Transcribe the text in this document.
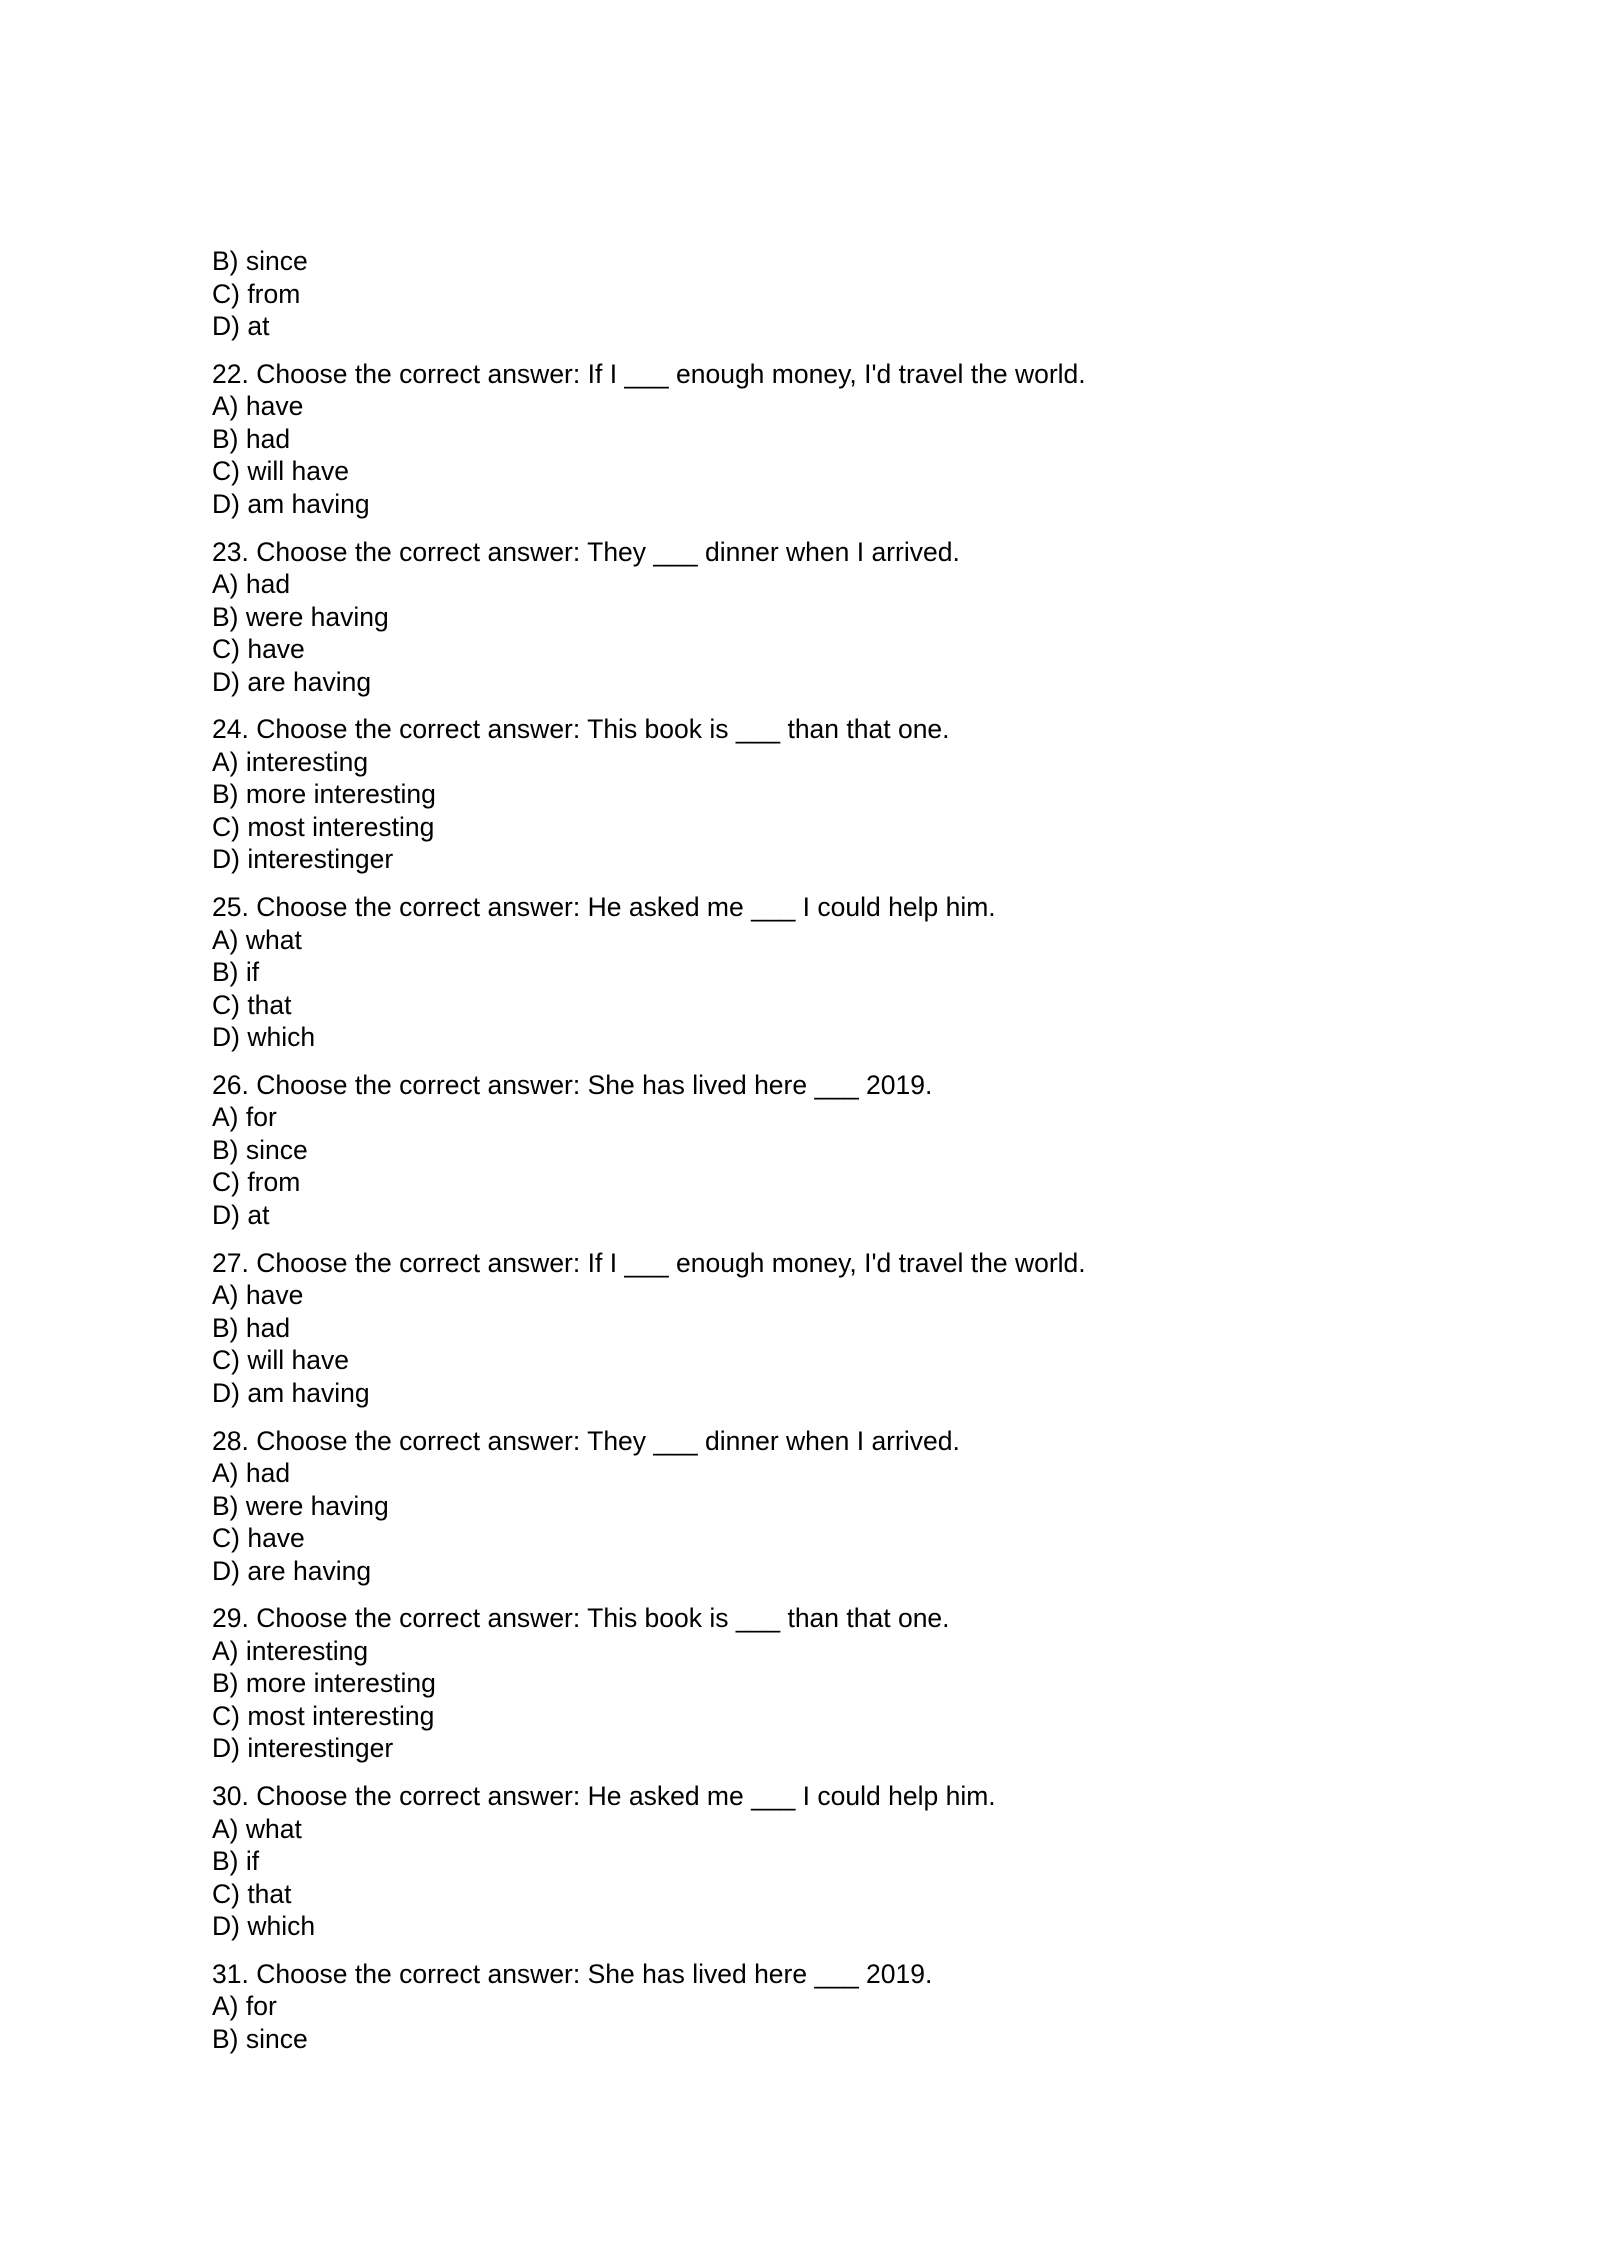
B) since
C) from
D) at
22. Choose the correct answer: If I ___ enough money, I'd travel the world.
A) have
B) had
C) will have
D) am having
23. Choose the correct answer: They ___ dinner when I arrived.
A) had
B) were having
C) have
D) are having
24. Choose the correct answer: This book is ___ than that one.
A) interesting
B) more interesting
C) most interesting
D) interestinger
25. Choose the correct answer: He asked me ___ I could help him.
A) what
B) if
C) that
D) which
26. Choose the correct answer: She has lived here ___ 2019.
A) for
B) since
C) from
D) at
27. Choose the correct answer: If I ___ enough money, I'd travel the world.
A) have
B) had
C) will have
D) am having
28. Choose the correct answer: They ___ dinner when I arrived.
A) had
B) were having
C) have
D) are having
29. Choose the correct answer: This book is ___ than that one.
A) interesting
B) more interesting
C) most interesting
D) interestinger
30. Choose the correct answer: He asked me ___ I could help him.
A) what
B) if
C) that
D) which
31. Choose the correct answer: She has lived here ___ 2019.
A) for
B) since
